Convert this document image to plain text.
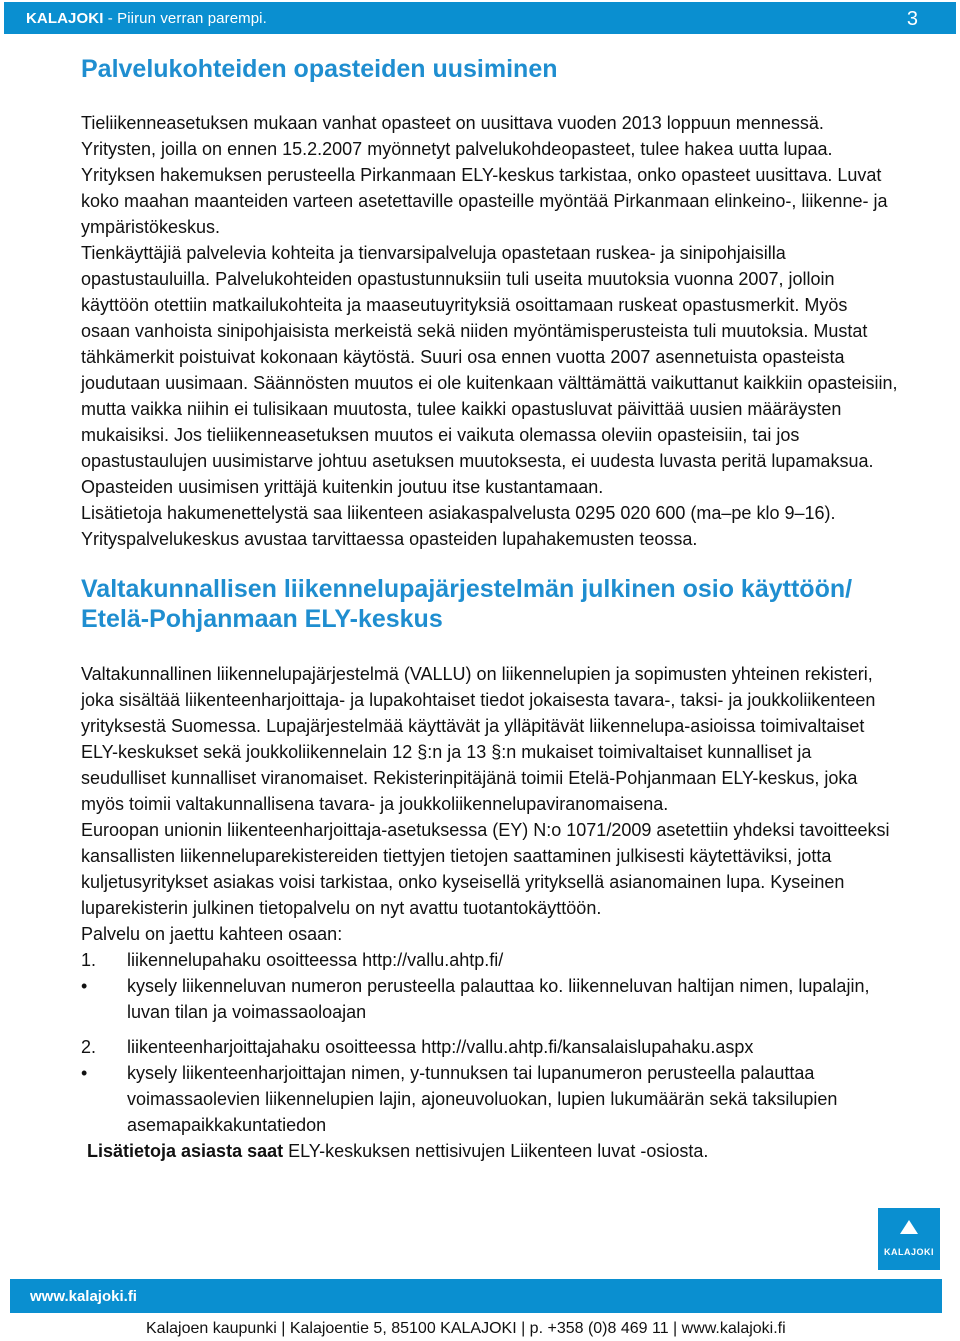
KALAJOKI - Piirun verran parempi.	3
Palvelukohteiden opasteiden uusiminen

Tieliikenneasetuksen mukaan vanhat opasteet on uusittava vuoden 2013 loppuun mennessä. Yritysten, joilla on ennen 15.2.2007 myönnetyt palvelukohdeopasteet, tulee hakea uutta lupaa. Yrityksen hakemuksen perusteella Pirkanmaan ELY-keskus tarkistaa, onko opasteet uusittava. Luvat koko maahan maanteiden varteen asetettaville opasteille myöntää Pirkanmaan elinkeino-, liikenne- ja ympäristökeskus.

Tienkäyttäjiä palvelevia kohteita ja tienvarsipalveluja opastetaan ruskea- ja sinipohjaisilla opastustauluilla. Palvelukohteiden opastustunnuksiin tuli useita muutoksia vuonna 2007, jolloin käyttöön otettiin matkailukohteita ja maaseutuyrityksiä osoittamaan ruskeat opastusmerkit. Myös osaan vanhoista sinipohjaisista merkeistä sekä niiden myöntämisperusteista tuli muutoksia. Mustat tähkämerkit poistuivat kokonaan käytöstä. Suuri osa ennen vuotta 2007 asennetuista opasteista joudutaan uusimaan. Säännösten muutos ei ole kuitenkaan välttämättä vaikuttanut kaikkiin opasteisiin, mutta vaikka niihin ei tulisikaan muutosta, tulee kaikki opastusluvat päivittää uusien määräysten mukaisiksi. Jos tieliikenneasetuksen muutos ei vaikuta olemassa oleviin opasteisiin, tai jos opastustaulujen uusimistarve johtuu asetuksen muutoksesta, ei uudesta luvasta peritä lupamaksua. Opasteiden uusimisen yrittäjä kuitenkin joutuu itse kustantamaan.

Lisätietoja hakumenettelystä saa liikenteen asiakaspalvelusta 0295 020 600 (ma–pe klo 9–16). Yrityspalvelukeskus avustaa tarvittaessa opasteiden lupahakemusten teossa.

Valtakunnallisen liikennelupajärjestelmän julkinen osio käyttöön/ Etelä-Pohjanmaan ELY-keskus

Valtakunnallinen liikennelupajärjestelmä (VALLU) on liikennelupien ja sopimusten yhteinen rekisteri, joka sisältää liikenteenharjoittaja- ja lupakohtaiset tiedot jokaisesta tavara-, taksi- ja joukkoliikenteen yrityksestä Suomessa. Lupajärjestelmää käyttävät ja ylläpitävät liikennelupa-asioissa toimivaltaiset ELY-keskukset sekä joukkoliikennelain 12 §:n ja 13 §:n mukaiset toimivaltaiset kunnalliset ja seudulliset kunnalliset viranomaiset. Rekisterinpitäjänä toimii Etelä-Pohjanmaan ELY-keskus, joka myös toimii valtakunnallisena tavara- ja joukkoliikennelupaviranomaisena.

Euroopan unionin liikenteenharjoittaja-asetuksessa (EY) N:o 1071/2009 asetettiin yhdeksi tavoitteeksi kansallisten liikenneluparekistereiden tiettyjen tietojen saattaminen julkisesti käytettäviksi, jotta kuljetusyritykset asiakas voisi tarkistaa, onko kyseisellä yrityksellä asianomainen lupa. Kyseinen luparekisterin julkinen tietopalvelu on nyt avattu tuotantokäyttöön.

Palvelu on jaettu kahteen osaan:

1. liikennelupahaku osoitteessa http://vallu.ahtp.fi/
• kysely liikenneluvan numeron perusteella palauttaa ko. liikenneluvan haltijan nimen, lupalajin, luvan tilan ja voimassaoloajan
2. liikenteenharjoittajahaku osoitteessa http://vallu.ahtp.fi/kansalaislupahaku.aspx
• kysely liikenteenharjoittajan nimen, y-tunnuksen tai lupanumeron perusteella palauttaa voimassaolevien liikennelupien lajin, ajoneuvoluokan, lupien lukumäärän sekä taksilupien asemapaikkakuntatiedon

Lisätietoja asiasta saat ELY-keskuksen nettisivujen Liikenteen luvat -osiosta.

KALAJOKI
www.kalajoki.fi
Kalajoen kaupunki | Kalajoentie 5, 85100 KALAJOKI | p. +358 (0)8 469 11 | www.kalajoki.fi
